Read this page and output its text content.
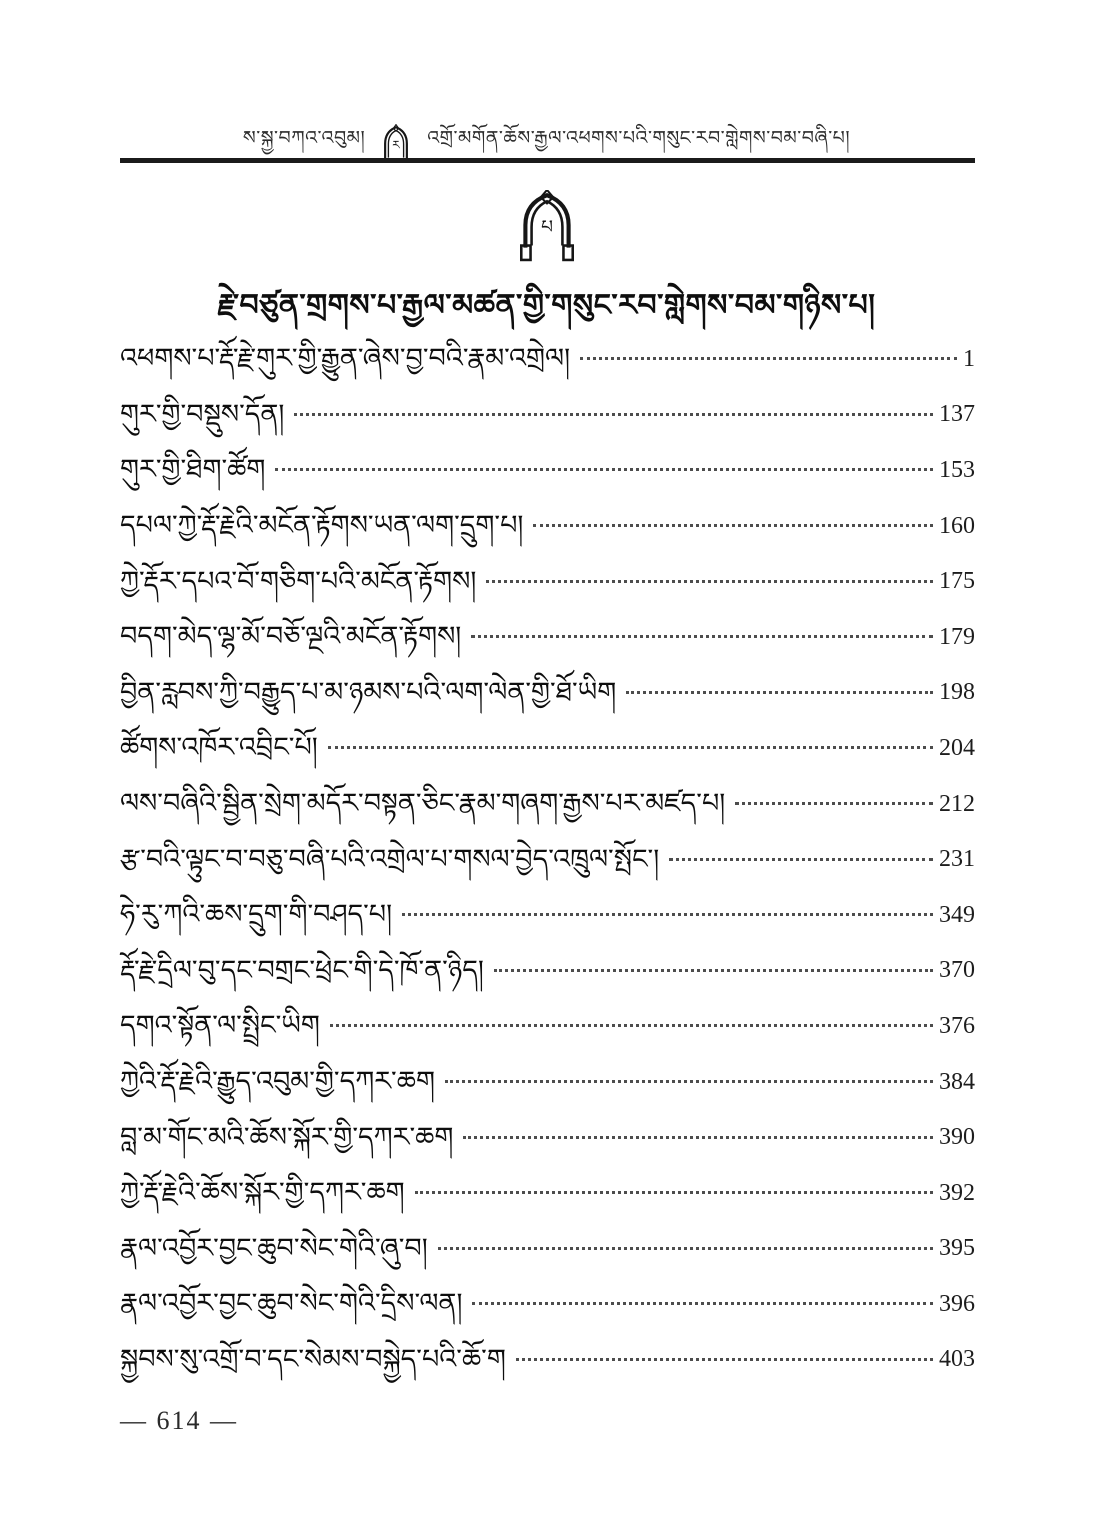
ས་སྐྱ་བཀའ་འབུམ། ར འགྲོ་མགོན་ཆོས་རྒྱལ་འཕགས་པའི་གསུང་རབ་གླེགས་བམ་བཞི་པ།
པ
རྗེ་བཙུན་གྲགས་པ་རྒྱལ་མཚན་གྱི་གསུང་རབ་གླེགས་བམ་གཉིས་པ།
འཕགས་པ་རྡོ་རྗེ་གུར་གྱི་རྒྱུན་ཞེས་བྱ་བའི་རྣམ་འགྲེལ།	1
གུར་གྱི་བསྡུས་དོན།	137
གུར་གྱི་ཐིག་ཚོག	153
དཔལ་ཀྱེ་རྡོ་རྗེའི་མངོན་རྟོགས་ཡན་ལག་དྲུག་པ།	160
ཀྱེ་རྡོར་དཔའ་བོ་གཅིག་པའི་མངོན་རྟོགས།	175
བདག་མེད་ལྷ་མོ་བཅོ་ལྔའི་མངོན་རྟོགས།	179
བྱིན་རླབས་ཀྱི་བརྒྱུད་པ་མ་ཉམས་པའི་ལག་ལེན་གྱི་ཐོ་ཡིག	198
ཚོགས་འཁོར་འབྲིང་པོ།	204
ལས་བཞིའི་སྦྱིན་སྲེག་མདོར་བསྟན་ཅིང་རྣམ་གཞག་རྒྱས་པར་མཛད་པ།	212
རྩ་བའི་ལྟུང་བ་བཅུ་བཞི་པའི་འགྲེལ་པ་གསལ་བྱེད་འཁྲུལ་སྤོང་།	231
ཧེ་རུ་ཀའི་ཆས་དྲུག་གི་བཤད་པ།	349
རྡོ་རྗེ་དྲིལ་བུ་དང་བགྲང་ཕྲེང་གི་དེ་ཁོ་ན་ཉིད།	370
དགའ་སྟོན་ལ་སྤྲིང་ཡིག	376
ཀྱེའི་རྡོ་རྗེའི་རྒྱུད་འབུམ་གྱི་དཀར་ཆག	384
བླ་མ་གོང་མའི་ཆོས་སྐོར་གྱི་དཀར་ཆག	390
ཀྱེ་རྡོ་རྗེའི་ཆོས་སྐོར་གྱི་དཀར་ཆག	392
རྣལ་འབྱོར་བྱང་ཆུབ་སེང་གེའི་ཞུ་བ།	395
རྣལ་འབྱོར་བྱང་ཆུབ་སེང་གེའི་དྲིས་ལན།	396
སྐྱབས་སུ་འགྲོ་བ་དང་སེམས་བསྐྱེད་པའི་ཆོ་ག	403
— 614 —
